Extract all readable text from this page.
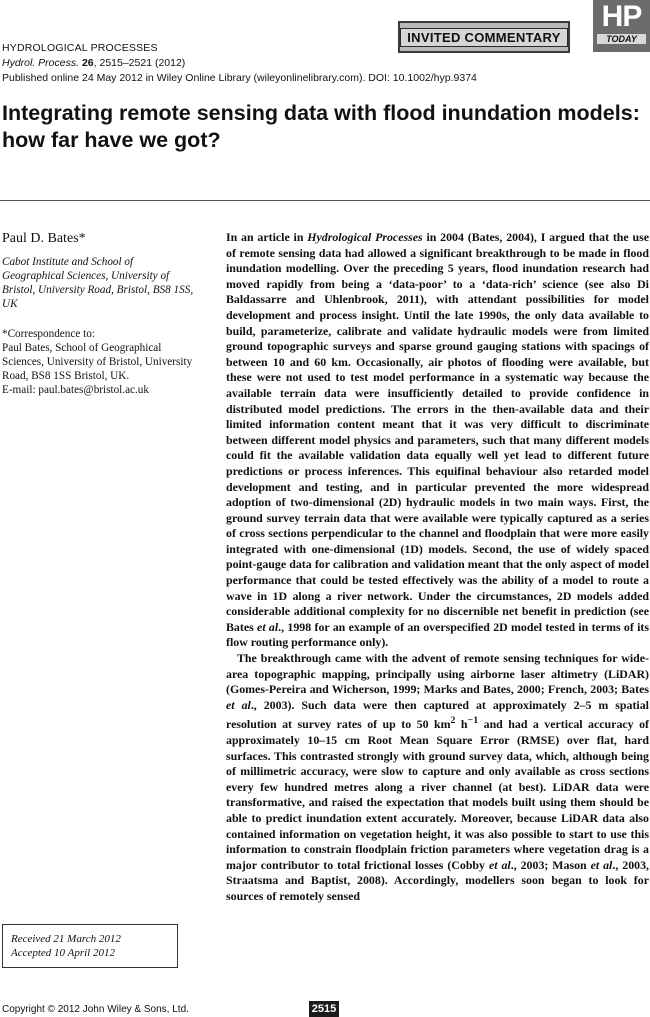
HYDROLOGICAL PROCESSES
Hydrol. Process. 26, 2515–2521 (2012)
Published online 24 May 2012 in Wiley Online Library (wileyonlinelibrary.com). DOI: 10.1002/hyp.9374
INVITED COMMENTARY
HP
TODAY
Integrating remote sensing data with flood inundation models:
how far have we got?
Paul D. Bates*
Cabot Institute and School of Geographical Sciences, University of Bristol, University Road, Bristol, BS8 1SS, UK
*Correspondence to:
Paul Bates, School of Geographical Sciences, University of Bristol, University Road, BS8 1SS Bristol, UK.
E-mail: paul.bates@bristol.ac.uk
Received 21 March 2012
Accepted 10 April 2012

In an article in Hydrological Processes in 2004 (Bates, 2004), I argued that the use of remote sensing data had allowed a significant breakthrough to be made in flood inundation modelling. Over the preceding 5 years, flood inundation research had moved rapidly from being a ‘data-poor’ to a ‘data-rich’ science (see also Di Baldassarre and Uhlenbrook, 2011), with attendant possibilities for model development and process insight. Until the late 1990s, the only data available to build, parameterize, calibrate and validate hydraulic models were from limited ground topographic surveys and sparse ground gauging stations with spacings of between 10 and 60 km. Occasionally, air photos of flooding were available, but these were not used to test model performance in a systematic way because the available terrain data were insufficiently detailed to provide confidence in distributed model predictions. The errors in the then-available data and their limited information content meant that it was very difficult to discriminate between different model physics and parameters, such that many different models could fit the available validation data equally well yet lead to different future predictions or process inferences. This equifinal behaviour also retarded model development and testing, and in particular prevented the more widespread adoption of two-dimensional (2D) hydraulic models in two main ways. First, the ground survey terrain data that were available were typically captured as a series of cross sections perpendicular to the channel and floodplain that were more easily integrated with one-dimensional (1D) models. Second, the use of widely spaced point-gauge data for calibration and validation meant that the only aspect of model performance that could be tested effectively was the ability of a model to route a wave in 1D along a river network. Under the circumstances, 2D models added considerable additional complexity for no discernible net benefit in prediction (see Bates et al., 1998 for an example of an overspecified 2D model tested in terms of its flow routing performance only).

The breakthrough came with the advent of remote sensing techniques for wide-area topographic mapping, principally using airborne laser altimetry (LiDAR) (Gomes-Pereira and Wicherson, 1999; Marks and Bates, 2000; French, 2003; Bates et al., 2003). Such data were then captured at approximately 2–5 m spatial resolution at survey rates of up to 50 $km^2$ $h^{-1}$ and had a vertical accuracy of approximately 10–15 cm Root Mean Square Error (RMSE) over flat, hard surfaces. This contrasted strongly with ground survey data, which, although being of millimetric accuracy, were slow to capture and only available as cross sections every few hundred metres along a river channel (at best). LiDAR data were transformative, and raised the expectation that models built using them should be able to predict inundation extent accurately. Moreover, because LiDAR data also contained information on vegetation height, it was also possible to start to use this information to constrain floodplain friction parameters where vegetation drag is a major contributor to total frictional losses (Cobby et al., 2003; Mason et al., 2003, Straatsma and Baptist, 2008). Accordingly, modellers soon began to look for sources of remotely sensed

Copyright © 2012 John Wiley & Sons, Ltd.	2515
